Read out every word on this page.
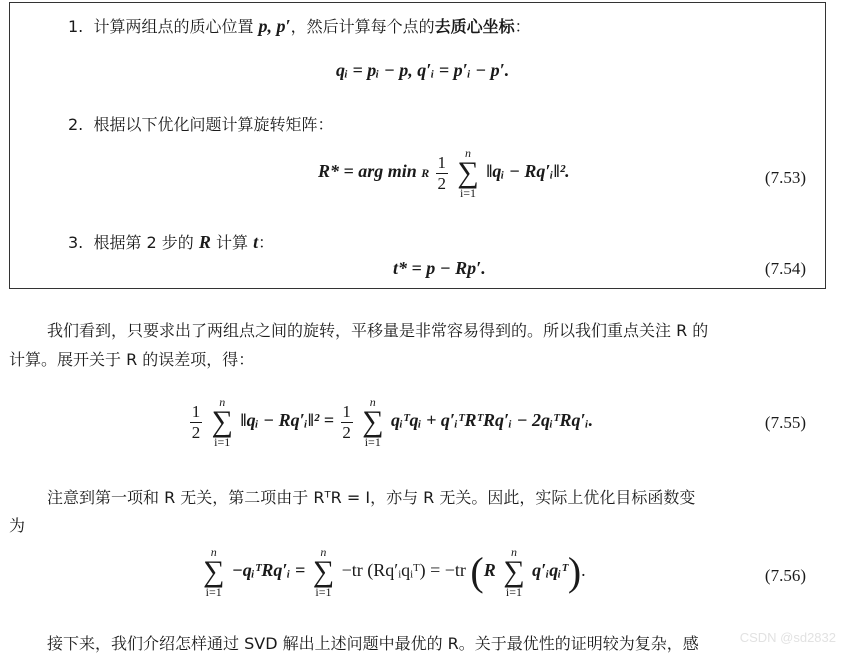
1. 计算两组点的质心位置 p, p′，然后计算每个点的去质心坐标：
qᵢ = pᵢ − p, q′ᵢ = p′ᵢ − p′.
2. 根据以下优化问题计算旋转矩阵：
R* = arg min R
$\frac{1}{2}$

n
∑
i=1
‖qᵢ − Rq′ᵢ‖².	(7.53)
3. 根据第 2 步的 R 计算 t：
t* = p − Rp′.	(7.54)
我们看到，只要求出了两组点之间的旋转，平移量是非常容易得到的。所以我们重点关注 R 的
计算。展开关于 R 的误差项，得：
$\frac{1}{2}$

n
∑
i=1
‖qᵢ − Rq′ᵢ‖² = $\frac{1}{2}$

n
∑
i=1
qᵢᵀqᵢ + q′ᵢᵀRᵀRq′ᵢ − 2qᵢᵀRq′ᵢ.	(7.55)
注意到第一项和 R 无关，第二项由于 RᵀR = I，亦与 R 无关。因此，实际上优化目标函数变
为
n
∑
i=1
−qᵢᵀRq′ᵢ =
n
∑
i=1
−tr (Rq′ᵢqᵢᵀ) = −tr (R
n
∑
i=1
q′ᵢqᵢᵀ).	(7.56)
接下来，我们介绍怎样通过 SVD 解出上述问题中最优的 R。关于最优性的证明较为复杂，感	CSDN @sd2832
